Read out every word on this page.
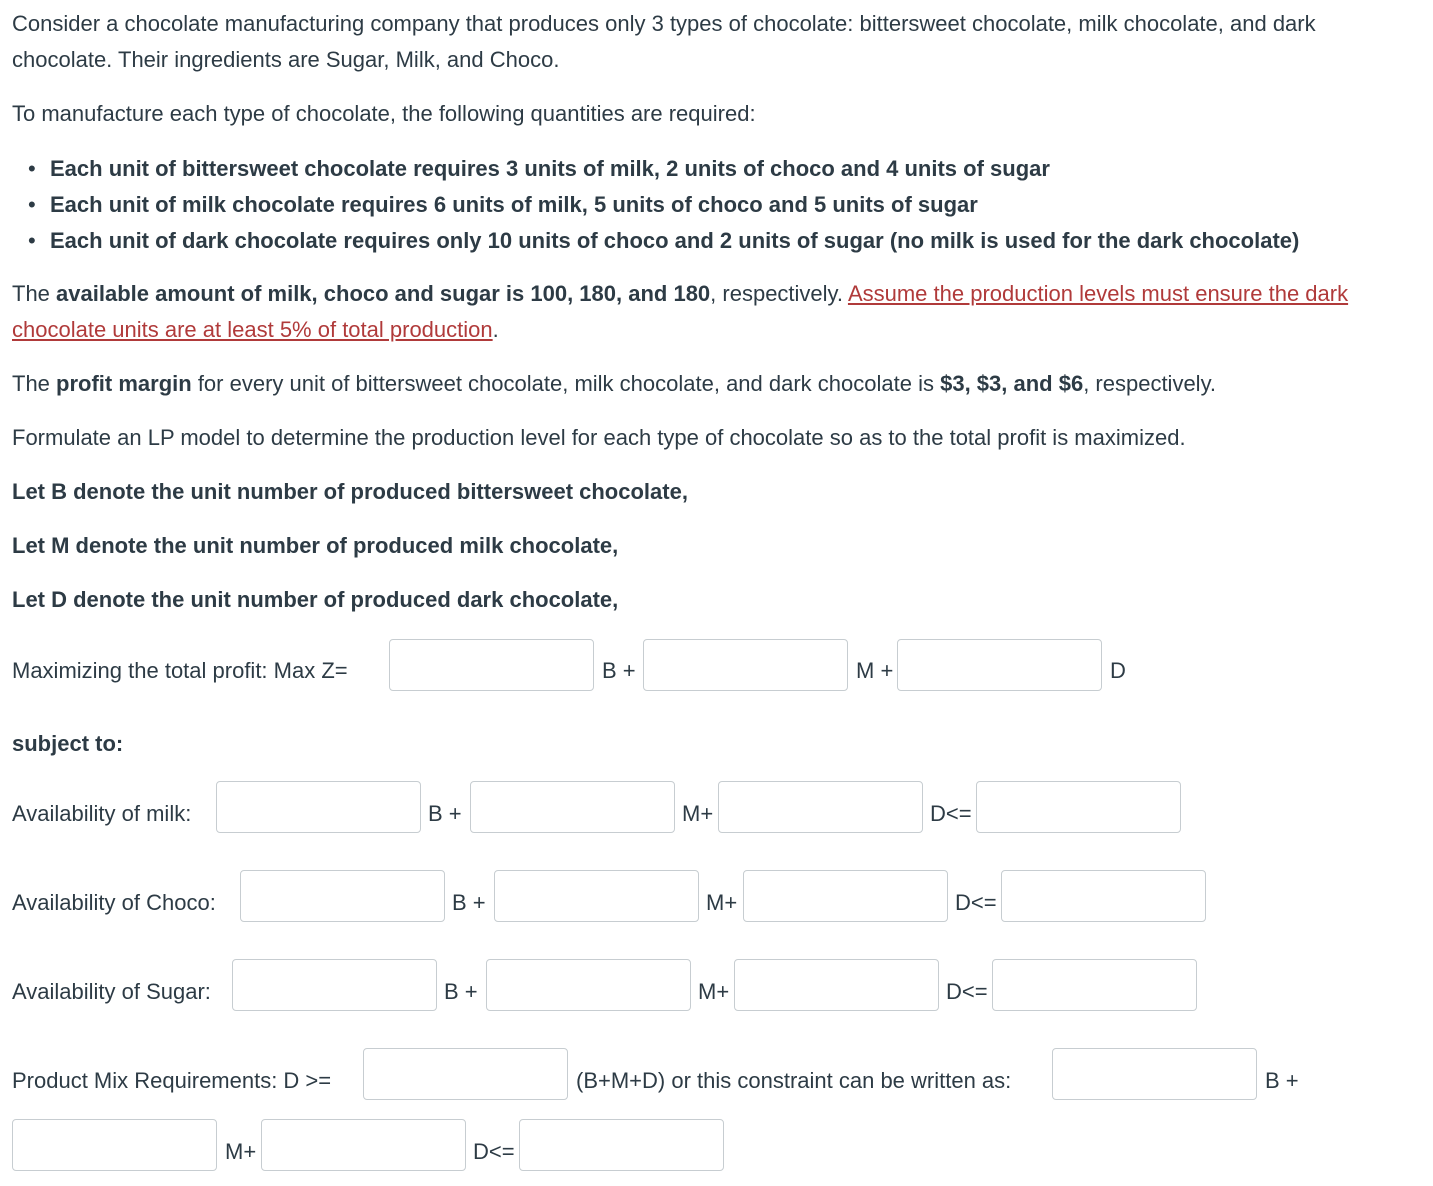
Consider a chocolate manufacturing company that produces only 3 types of chocolate: bittersweet chocolate, milk chocolate, and dark chocolate. Their ingredients are Sugar, Milk, and Choco.

To manufacture each type of chocolate, the following quantities are required:

• Each unit of bittersweet chocolate requires 3 units of milk, 2 units of choco and 4 units of sugar
• Each unit of milk chocolate requires 6 units of milk, 5 units of choco and 5 units of sugar
• Each unit of dark chocolate requires only 10 units of choco and 2 units of sugar (no milk is used for the dark chocolate)

The available amount of milk, choco and sugar is 100, 180, and 180, respectively. Assume the production levels must ensure the dark chocolate units are at least 5% of total production.

The profit margin for every unit of bittersweet chocolate, milk chocolate, and dark chocolate is $3, $3, and $6, respectively.

Formulate an LP model to determine the production level for each type of chocolate so as to the total profit is maximized.

Let B denote the unit number of produced bittersweet chocolate,

Let M denote the unit number of produced milk chocolate,

Let D denote the unit number of produced dark chocolate,

Maximizing the total profit: Max Z=	B +	M +	D
subject to:
Availability of milk:	B +	M+	D<=
Availability of Choco:	B +	M+	D<=
Availability of Sugar:	B +	M+	D<=
Product Mix Requirements: D >=	(B+M+D) or this constraint can be written as:	B +
M+	D<=
